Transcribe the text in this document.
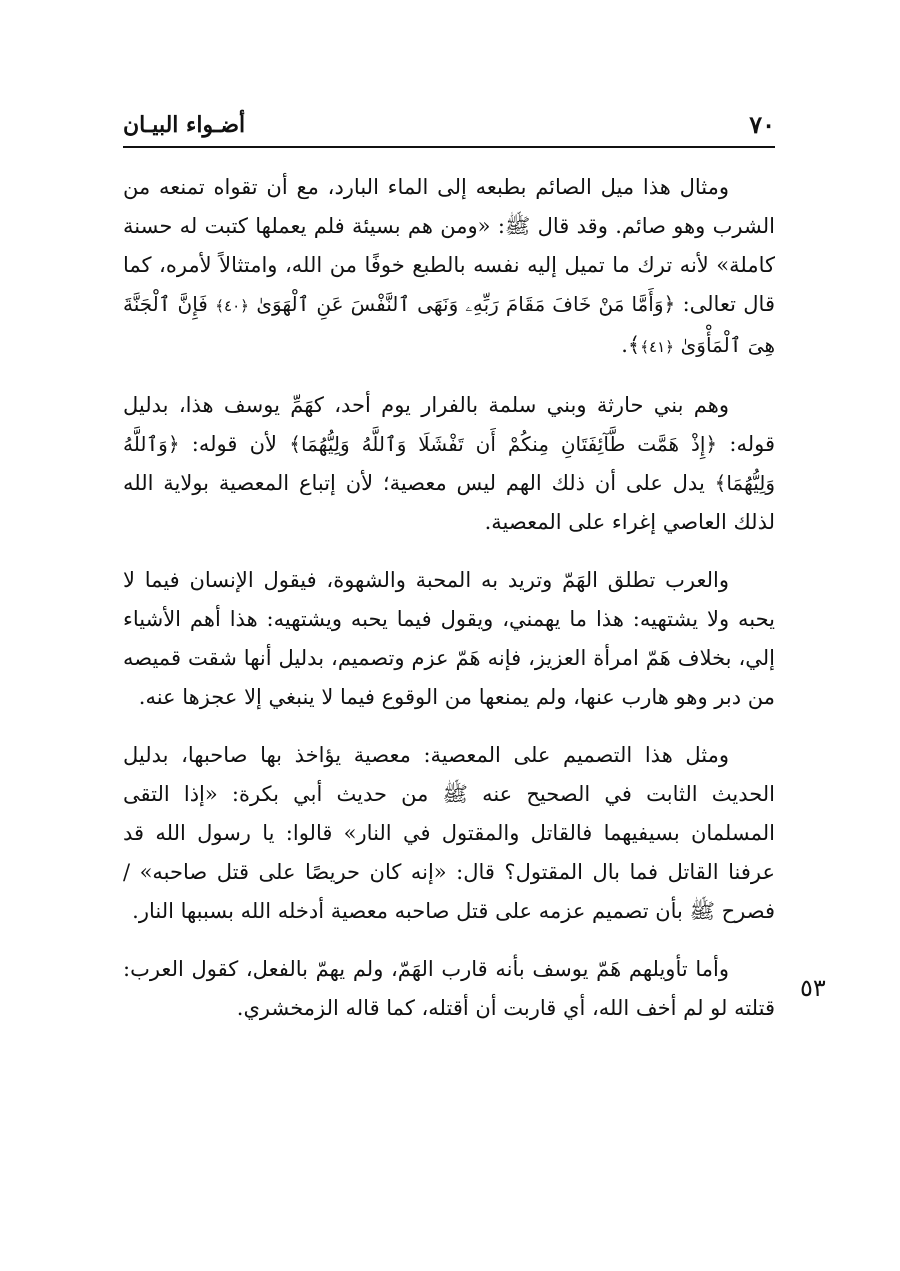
٧٠
أضـواء البيـان

ومثال هذا ميل الصائم بطبعه إلى الماء البارد، مع أن تقواه تمنعه من الشرب وهو صائم. وقد قال ﷺ: «ومن هم بسيئة فلم يعملها كتبت له حسنة كاملة» لأنه ترك ما تميل إليه نفسه بالطبع خوفًا من الله، وامتثالاً لأمره، كما قال تعالى: ﴿وَأَمَّا مَنْ خَافَ مَقَامَ رَبِّهِۦ وَنَهَى ٱلنَّفْسَ عَنِ ٱلْهَوَىٰ ﴿٤٠﴾ فَإِنَّ ٱلْجَنَّةَ هِىَ ٱلْمَأْوَىٰ ﴿٤١﴾﴾.

وهم بني حارثة وبني سلمة بالفرار يوم أحد، كهَمِّ يوسف هذا، بدليل قوله: ﴿إِذْ هَمَّت طَّآئِفَتَانِ مِنكُمْ أَن تَفْشَلَا وَٱللَّهُ وَلِيُّهُمَا﴾ لأن قوله: ﴿وَٱللَّهُ وَلِيُّهُمَا﴾ يدل على أن ذلك الهم ليس معصية؛ لأن إتباع المعصية بولاية الله لذلك العاصي إغراء على المعصية.

والعرب تطلق الهَمّ وتريد به المحبة والشهوة، فيقول الإنسان فيما لا يحبه ولا يشتهيه: هذا ما يهمني، ويقول فيما يحبه ويشتهيه: هذا أهم الأشياء إلي، بخلاف هَمّ امرأة العزيز، فإنه هَمّ عزم وتصميم، بدليل أنها شقت قميصه من دبر وهو هارب عنها، ولم يمنعها من الوقوع فيما لا ينبغي إلا عجزها عنه.

ومثل هذا التصميم على المعصية: معصية يؤاخذ بها صاحبها، بدليل الحديث الثابت في الصحيح عنه ﷺ من حديث أبي بكرة: «إذا التقى المسلمان بسيفيهما فالقاتل والمقتول في النار» قالوا: يا رسول الله قد عرفنا القاتل فما بال المقتول؟ قال: «إنه كان حريصًا على قتل صاحبه» / فصرح ﷺ بأن تصميم عزمه على قتل صاحبه معصية أدخله الله بسببها النار.

وأما تأويلهم هَمّ يوسف بأنه قارب الهَمّ، ولم يهمّ بالفعل، كقول العرب: قتلته لو لم أخف الله، أي قاربت أن أقتله، كما قاله الزمخشري.

٥٣
